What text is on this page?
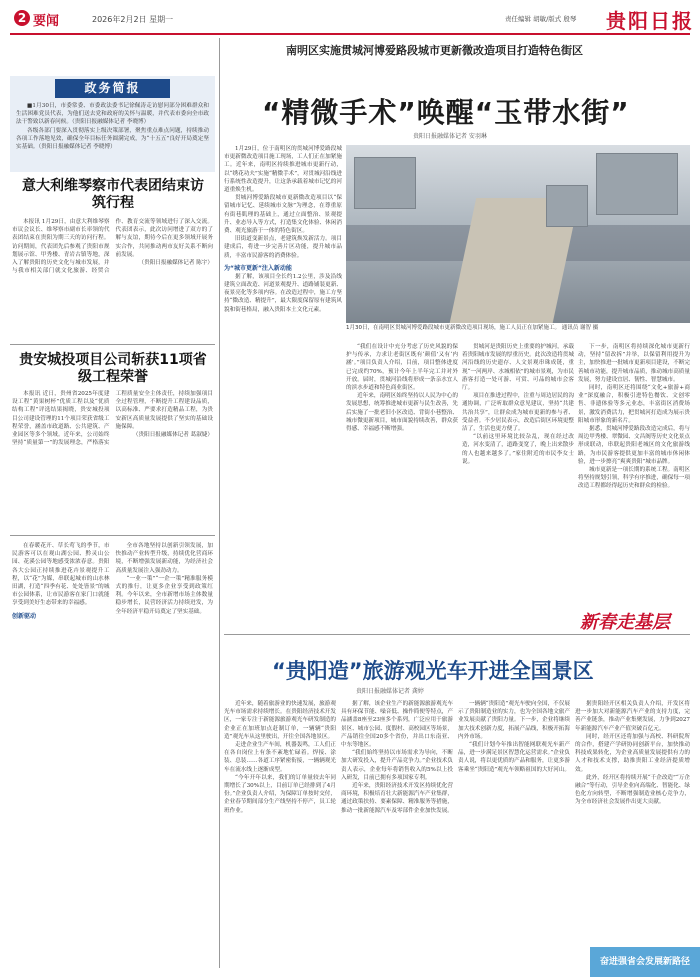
2 要闻	2026年2月2日 星期一	责任编辑 胡敏/版式 殷琴 贵阳日报
政务简报

■1月30日，市委常委、市委政法委书记徐佩涛走访慰问部分困难群众和生活困难党员代表，为他们送去党和政府的关怀与温暖，并代表市委向全市政法干警致以新春问候。（贵阳日报融媒体记者 李晓博）

各级各部门要深入贯彻落实上级决策部署，聚焦重点难点问题，持续推动各项工作落地见效，确保全年目标任务圆满完成，为“十五五”良好开局奠定坚实基础。（贵阳日报融媒体记者 李晓博）

意大利维琴察市代表团结束访筑行程

本报讯 1月29日，由意大利维琴察市议会议长、维琴察市副市长率领的代表团结束在贵阳为期三天的访问行程。访问期间，代表团先后参观了贵阳市规划展示馆、甲秀楼、青岩古镇等地，深入了解贵阳的历史文化与城市发展，并与我市相关部门就文化旅游、经贸合作、教育交流等领域进行了深入交流。代表团表示，此次访问增进了双方的了解与友谊，期待今后在更多领域开展务实合作，共同推动两市友好关系不断向前发展。

（贵阳日报融媒体记者 陈宇）

贵安城投项目公司斩获11项省级工程荣誉

本报讯 近日，贵州省2025年度建设工程“黄果树杯”优质工程以及“优质结构工程”评选结果揭晓，贵安城投项目公司建设管理的11个项目荣获省级工程荣誉，涵盖市政道路、公共建筑、产业园区等多个领域。近年来，公司始终坚持“质量第一”的发展理念，严格落实工程质量安全主体责任，持续加强项目全过程管理，不断提升工程建设品质，以高标准、严要求打造精品工程，为贵安新区高质量发展提供了坚实的基础设施保障。

（贵阳日报融媒体记者 葛淑婕）

在春暖花开、草长莺飞的季节，市民游客可以在观山湖公园、黔灵山公园、花溪公园等地感受浓浓春意。贵阳各大公园正持续推进花卉景观提升工程，以“花”为媒，串联起城市的山水林田湖，打造“四季有花、处处皆景”的城市公园体系，让市民游客在家门口就能享受到美好生态带来的幸福感。

创新驱动

全市各地坚持以创新引领发展，加快推动产业转型升级，持续优化营商环境，不断增强发展新动能，为经济社会高质量发展注入强劲动力。

“一业一策”“一企一策”精准服务模式的推行，让更多企业享受到政策红利。今年以来，全市新增市场主体数量稳步增长，民营经济活力持续迸发，为全年经济平稳开局奠定了坚实基础。

南明区实施贯城河博爱路段城市更新微改造项目打造特色街区
“精微手术”唤醒“玉带水街”
贵阳日报融媒体记者 安羽琳

1月29日，位于南明区的贯城河博爱路段城市更新微改造项目施工现场，工人们正在加紧施工。近年来，南明区持续推进城市更新行动，以“绣花功夫”实施“精微手术”，对贯城河沿线进行系统性改造提升，让这条承载着城市记忆的河道重焕生机。

贯城河博爱路段城市更新微改造项目以“保留城市记忆、延续城市文脉”为理念，在尊重原有街巷肌理的基础上，通过立面整治、景观提升、业态导入等方式，打造集文化体验、休闲消费、观光旅游于一体的特色街区。

旧街道变新景点，老建筑焕发新活力。项目建成后，将进一步完善片区功能，提升城市品质，丰富市民游客的消费体验。

为“城市更新”注入新动能

据了解，该项目全长约1.2公里，涉及沿线建筑立面改造、河道景观提升、道路铺装更新、夜景亮化等多项内容。在改造过程中，施工方坚持“微改造、精提升”，最大限度保留原有建筑风貌和街巷格局，融入贵阳本土文化元素。

1月30日，在南明区贯城河博爱路段城市更新微改造项目现场，施工人员正在加紧施工。 通讯员 谢智 摄

“我们在设计中充分考虑了历史风貌的保护与传承，力求让老街区既有‘颜值’又有‘内涵’。”项目负责人介绍，目前，项目整体进度已完成约70%，预计今年上半年完工并对外开放。届时，贯城河沿线将形成一条亲水宜人的滨水步道和特色商业街区。

近年来，南明区始终坚持以人民为中心的发展思想，统筹推进城市更新与民生改善，先后实施了一批老旧小区改造、背街小巷整治、城市微更新项目，城市面貌持续改善，群众获得感、幸福感不断增强。

贯城河是贵阳历史上重要的护城河，承载着贵阳城市发展的厚重历史。此次改造将贯城河沿线的历史遗存、人文景观串珠成链，重现“一河两岸、水城相依”的城市景观，为市民游客打造一处可游、可赏、可品的城市会客厅。

项目在推进过程中，注重与周边居民的沟通协调，广泛听取群众意见建议，坚持“共建共治共享”，让群众成为城市更新的参与者、受益者。不少居民表示，改造后街区环境更整洁了，生活也更方便了。

“以前这里环境比较杂乱，现在经过改造，河水变清了，道路变宽了，晚上出来散步的人也越来越多了。”家住附近的市民李女士说。

下一步，南明区将持续深化城市更新行动，坚持“留改拆”并举，以保留利用提升为主，加快推进一批城市更新项目建设，不断完善城市功能，提升城市品质，推动城市高质量发展，努力建设宜居、韧性、智慧城市。

同时，南明区还将围绕“文化+旅游+商业”深度融合，积极引进特色餐饮、文创零售、非遗体验等多元业态，丰富街区消费场景，激发消费活力，把贯城河打造成为展示贵阳城市形象的新名片。

据悉，贯城河博爱路段改造完成后，将与周边甲秀楼、翠微园、文昌阁等历史文化景点形成联动，串联起贵阳老城区的文化旅游线路，为市民游客提供更加丰富的城市休闲体验，进一步擦亮“爽爽贵阳”城市品牌。

城市更新是一项长期的系统工程。南明区将坚持规划引领，科学有序推进，确保每一项改造工程都经得起历史和群众的检验。

新春走基层
“贵阳造”旅游观光车开进全国景区
贵阳日报融媒体记者 龚婷

近年来，随着旅游业的快速发展，旅游观光车市场需求持续增长。在贵阳经济技术开发区，一家专注于新能源旅游观光车研发制造的企业正在加班加点赶制订单，一辆辆“贵阳造”观光车从这里驶出，开往全国各地景区。

走进企业生产车间，机器轰鸣，工人们正在各自岗位上有条不紊地忙碌着。焊接、涂装、总装……各道工序紧密衔接，一辆辆观光车在流水线上逐渐成型。

“今年开年以来，我们的订单量较去年同期增长了30%以上，目前订单已经排到了4月份。”企业负责人介绍，为保障订单按时交付，企业春节期间部分生产线坚持不停产，员工轮班作业。

据了解，该企业生产的新能源旅游观光车具有环保节能、噪音低、操作简便等特点，产品涵盖8座至23座多个系列，广泛应用于旅游景区、城市公园、度假村、高校园区等场景，产品销往全国20多个省份，并出口东南亚、中东等地区。

“我们始终坚持以市场需求为导向，不断加大研发投入，提升产品竞争力。”企业技术负责人表示，企业每年将销售收入的5%以上投入研发，目前已拥有多项国家专利。

近年来，贵阳经济技术开发区持续优化营商环境，积极培育壮大新能源汽车产业集群，通过政策扶持、要素保障、精准服务等措施，推动一批新能源汽车及零部件企业加快发展。

一辆辆“贵阳造”观光车驶向全国，不仅展示了贵阳制造业的实力，也为全国各地文旅产业发展贡献了贵阳力量。下一步，企业将继续加大技术创新力度，拓展产品线，积极开拓海内外市场。

“我们计划今年推出智能网联观光车新产品，进一步满足景区智慧化运营需求。”企业负责人说，将以更优质的产品和服务，让更多游客乘坐“贵阳造”观光车领略祖国的大好河山。

据贵阳经开区相关负责人介绍，开发区将进一步加大对新能源汽车产业的支持力度，完善产业链条，推动产业集聚发展，力争到2027年新能源汽车产业产值突破百亿元。

同时，经开区还将加强与高校、科研院所的合作，搭建产学研协同创新平台，加快推动科技成果转化，为企业高质量发展提供有力的人才和技术支撑，助推贵阳工业经济提质增效。

此外，经开区将持续开展“千企改造”“万企融合”等行动，引导企业向高端化、智能化、绿色化方向转型，不断增强制造业核心竞争力，为全市经济社会发展作出更大贡献。

奋进强省会发展新路径
